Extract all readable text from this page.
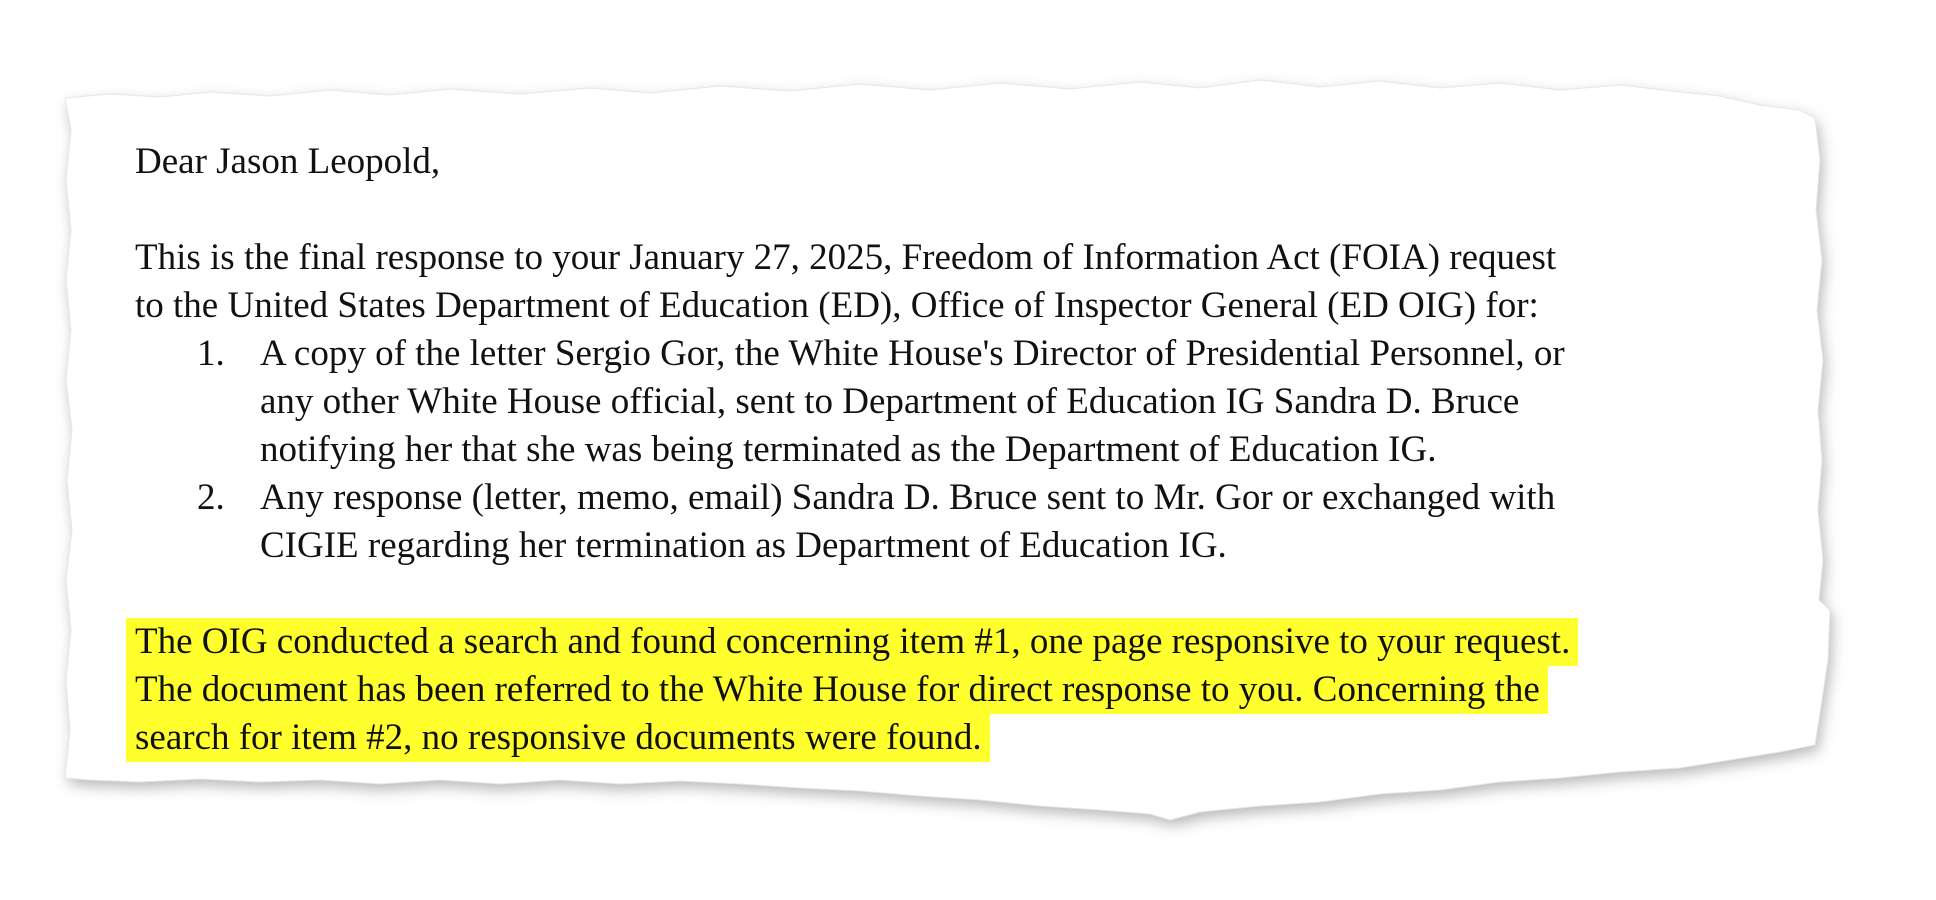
Dear Jason Leopold,

This is the final response to your January 27, 2025, Freedom of Information Act (FOIA) request

to the United States Department of Education (ED), Office of Inspector General (ED OIG) for:

1. A copy of the letter Sergio Gor, the White House's Director of Presidential Personnel, or

any other White House official, sent to Department of Education IG Sandra D. Bruce

notifying her that she was being terminated as the Department of Education IG.

2. Any response (letter, memo, email) Sandra D. Bruce sent to Mr. Gor or exchanged with

CIGIE regarding her termination as Department of Education IG.

The OIG conducted a search and found concerning item #1, one page responsive to your request.
The document has been referred to the White House for direct response to you. Concerning the
search for item #2, no responsive documents were found.
